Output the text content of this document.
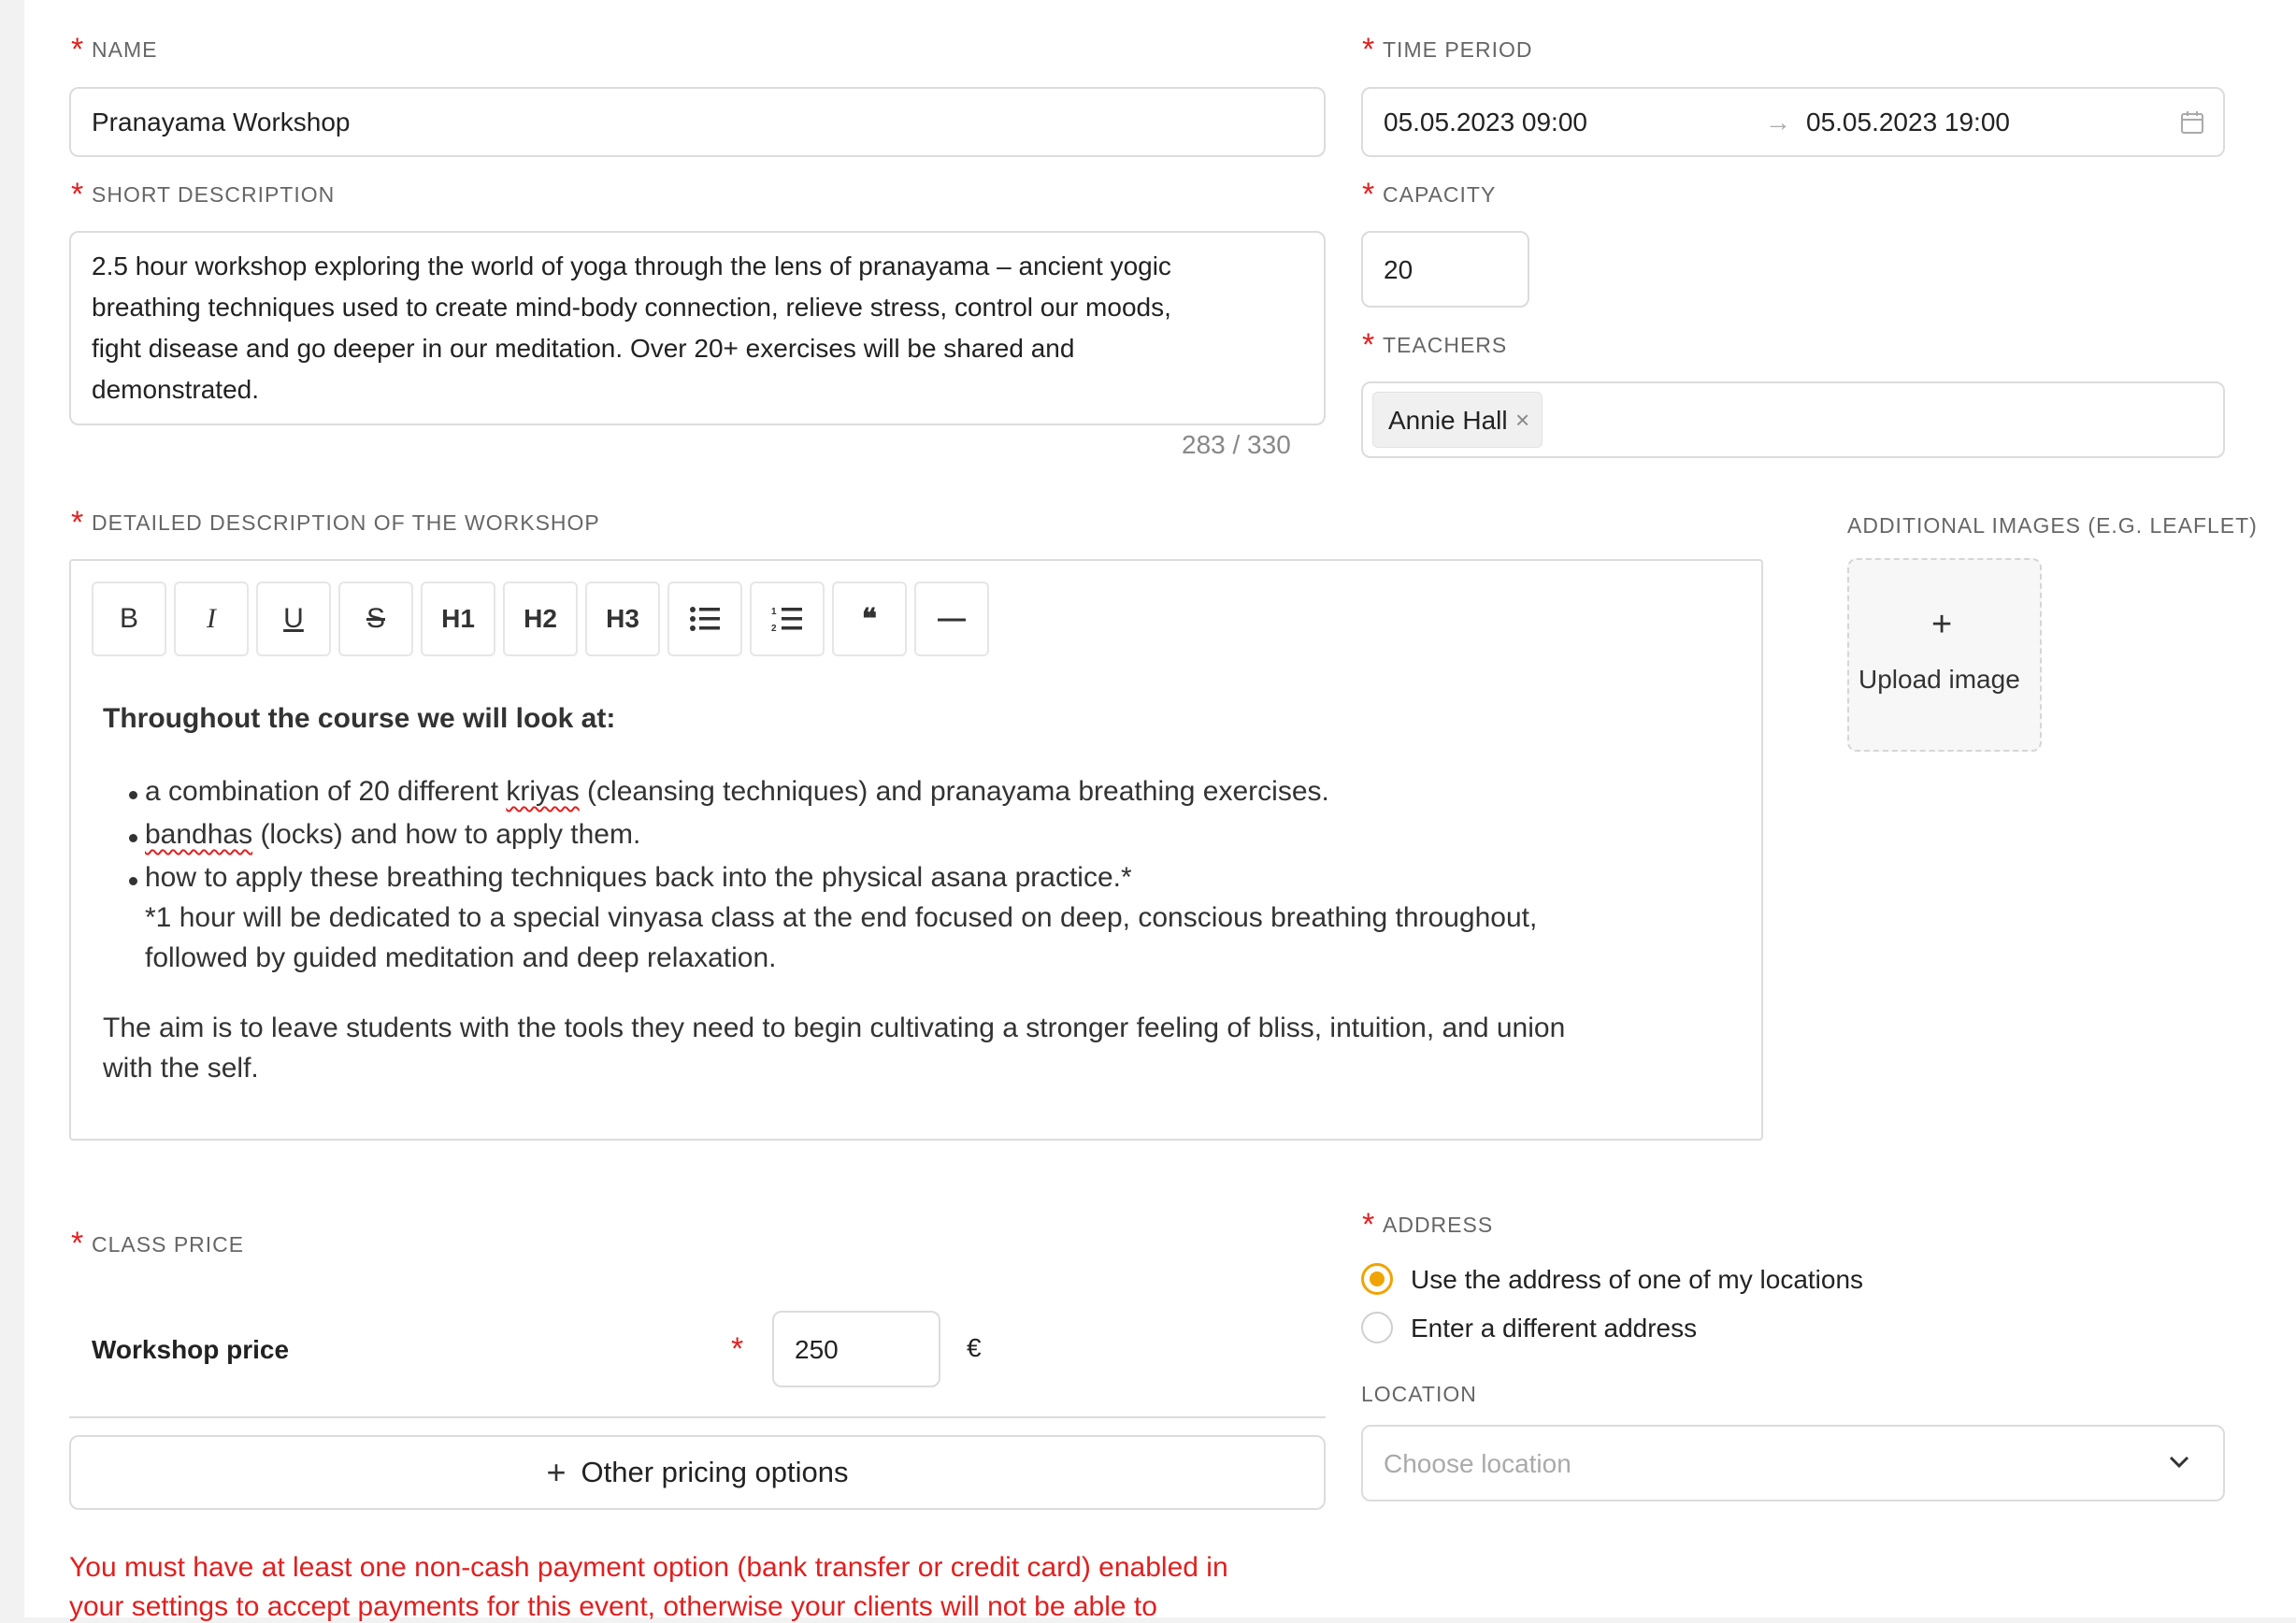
* NAME
Pranayama Workshop
* TIME PERIOD
05.05.2023 09:00	→ 05.05.2023 19:00
* SHORT DESCRIPTION
2.5 hour workshop exploring the world of yoga through the lens of pranayama – ancient yogic
breathing techniques used to create mind-body connection, relieve stress, control our moods,
fight disease and go deeper in our meditation. Over 20+ exercises will be shared and
demonstrated.
283 / 330
* CAPACITY
20
* TEACHERS
Annie Hall ×
* DETAILED DESCRIPTION OF THE WORKSHOP
B I U S H1 H2 H3	1
2	❝ —
Throughout the course we will look at:
a combination of 20 different kriyas (cleansing techniques) and pranayama breathing exercises.
bandhas (locks) and how to apply them.
how to apply these breathing techniques back into the physical asana practice.*
*1 hour will be dedicated to a special vinyasa class at the end focused on deep, conscious breathing throughout,
followed by guided meditation and deep relaxation.
The aim is to leave students with the tools they need to begin cultivating a stronger feeling of bliss, intuition, and union
with the self.
ADDITIONAL IMAGES (E.G. LEAFLET)
+
Upload image
* CLASS PRICE
Workshop price	* 250	€
+ Other pricing options
You must have at least one non-cash payment option (bank transfer or credit card) enabled in
your settings to accept payments for this event, otherwise your clients will not be able to
* ADDRESS
Use the address of one of my locations
Enter a different address
LOCATION
Choose location
